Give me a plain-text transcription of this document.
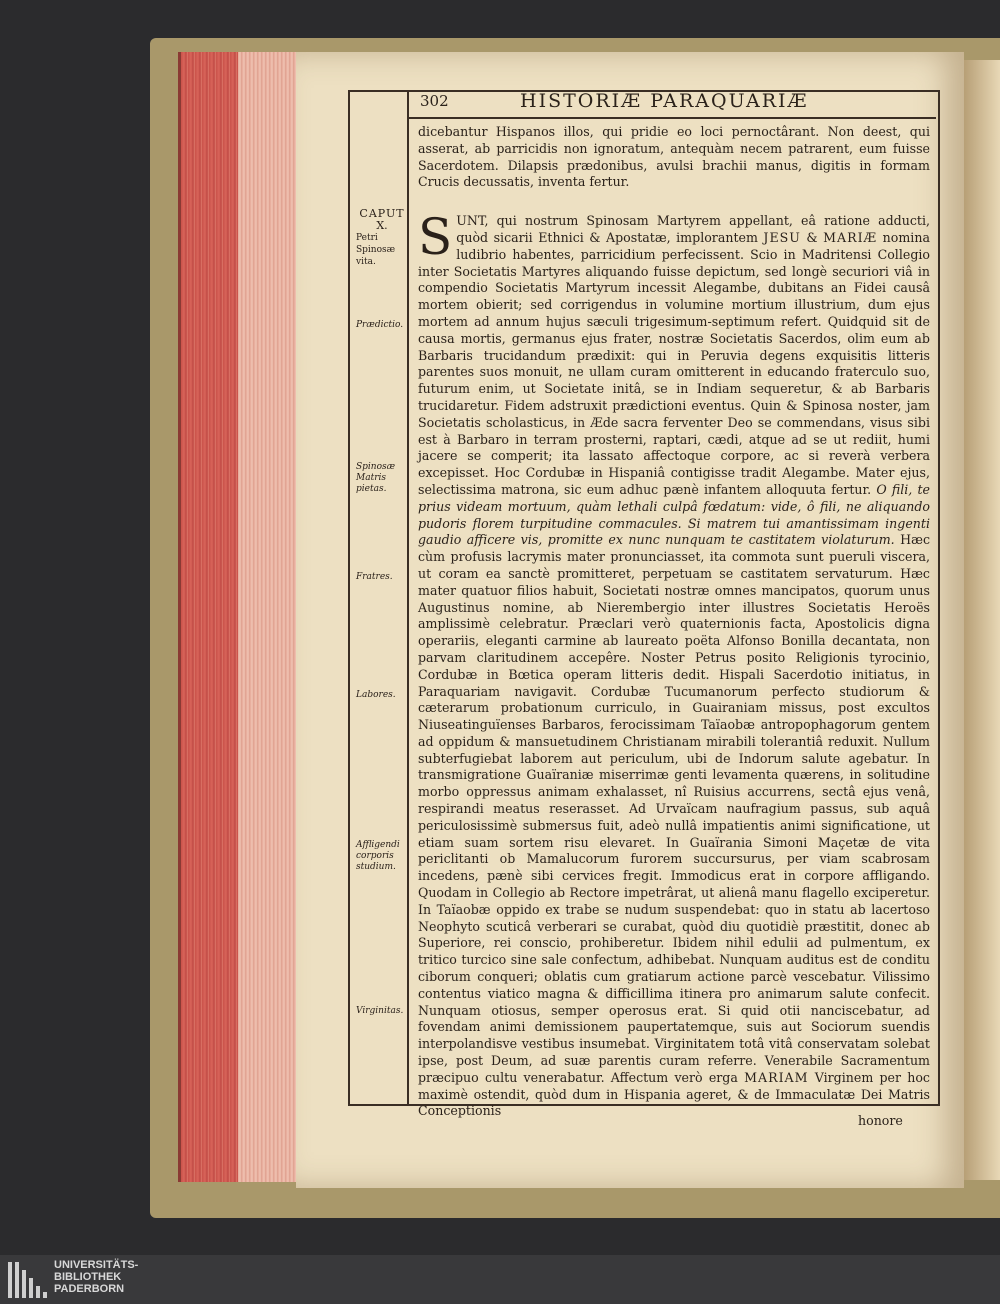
302	HISTORIÆ PARAQUARIÆ
CAPUT
X.
Petri Spinosæ vita.
Prædictio.
Spinosæ Matris pietas.
Fratres.
Labores.
Affligendi corporis studium.
Virginitas.

dicebantur Hispanos illos, qui pridie eo loci pernoctârant. Non deest, qui asserat, ab parricidis non ignoratum, antequàm necem patrarent, eum fuisse Sacerdotem. Dilapsis prædonibus, avulsi brachii manus, digitis in formam Crucis decussatis, inventa fertur.

S UNT, qui nostrum Spinosam Martyrem appellant, eâ ratione adducti, quòd sicarii Ethnici & Apostatæ, implorantem JESU & MARIÆ nomina ludibrio habentes, parricidium perfecissent. Scio in Madritensi Collegio inter Societatis Martyres aliquando fuisse depictum, sed longè securiori viâ in compendio Societatis Martyrum incessit Alegambe, dubitans an Fidei causâ mortem obierit; sed corrigendus in volumine mortium illustrium, dum ejus mortem ad annum hujus sæculi trigesimum-septimum refert. Quidquid sit de causa mortis, germanus ejus frater, nostræ Societatis Sacerdos, olim eum ab Barbaris trucidandum prædixit: qui in Peruvia degens exquisitis litteris parentes suos monuit, ne ullam curam omitterent in educando fraterculo suo, futurum enim, ut Societate initâ, se in Indiam sequeretur, & ab Barbaris trucidaretur. Fidem adstruxit prædictioni eventus. Quin & Spinosa noster, jam Societatis scholasticus, in Æde sacra ferventer Deo se commendans, visus sibi est à Barbaro in terram prosterni, raptari, cædi, atque ad se ut rediit, humi jacere se comperit; ita lassato affectoque corpore, ac si reverà verbera excepisset. Hoc Cordubæ in Hispaniâ contigisse tradit Alegambe. Mater ejus, selectissima matrona, sic eum adhuc pænè infantem alloquuta fertur. O fili, te prius videam mortuum, quàm lethali culpâ fœdatum: vide, ô fili, ne aliquando pudoris florem turpitudine commacules. Si matrem tui amantissimam ingenti gaudio afficere vis, promitte ex nunc nunquam te castitatem violaturum. Hæc cùm profusis lacrymis mater pronunciasset, ita commota sunt pueruli viscera, ut coram ea sanctè promitteret, perpetuam se castitatem servaturum. Hæc mater quatuor filios habuit, Societati nostræ omnes mancipatos, quorum unus Augustinus nomine, ab Nierembergio inter illustres Societatis Heroës amplissimè celebratur. Præclari verò quaternionis facta, Apostolicis digna operariis, eleganti carmine ab laureato poëta Alfonso Bonilla decantata, non parvam claritudinem accepêre. Noster Petrus posito Religionis tyrocinio, Cordubæ in Bœtica operam litteris dedit. Hispali Sacerdotio initiatus, in Paraquariam navigavit. Cordubæ Tucumanorum perfecto studiorum & cæterarum probationum curriculo, in Guairaniam missus, post excultos Niuseatinguïenses Barbaros, ferocissimam Taïaobæ antropophagorum gentem ad oppidum & mansuetudinem Christianam mirabili tolerantiâ reduxit. Nullum subterfugiebat laborem aut periculum, ubi de Indorum salute agebatur. In transmigratione Guaïraniæ miserrimæ genti levamenta quærens, in solitudine morbo oppressus animam exhalasset, nî Ruisius accurrens, sectâ ejus venâ, respirandi meatus reserasset. Ad Urvaïcam naufragium passus, sub aquâ periculosissimè submersus fuit, adeò nullâ impatientis animi significatione, ut etiam suam sortem risu elevaret. In Guaïrania Simoni Maçetæ de vita periclitanti ob Mamalucorum furorem succursurus, per viam scabrosam incedens, pænè sibi cervices fregit. Immodicus erat in corpore affligando. Quodam in Collegio ab Rectore impetrârat, ut alienâ manu flagello exciperetur. In Taïaobæ oppido ex trabe se nudum suspendebat: quo in statu ab lacertoso Neophyto scuticâ verberari se curabat, quòd diu quotidiè præstitit, donec ab Superiore, rei conscio, prohiberetur. Ibidem nihil edulii ad pulmentum, ex tritico turcico sine sale confectum, adhibebat. Nunquam auditus est de conditu ciborum conqueri; oblatis cum gratiarum actione parcè vescebatur. Vilissimo contentus viatico magna & difficillima itinera pro animarum salute confecit. Nunquam otiosus, semper operosus erat. Si quid otii nanciscebatur, ad fovendam animi demissionem paupertatemque, suis aut Sociorum suendis interpolandisve vestibus insumebat. Virginitatem totâ vitâ conservatam solebat ipse, post Deum, ad suæ parentis curam referre. Venerabile Sacramentum præcipuo cultu venerabatur. Affectum verò erga MARIAM Virginem per hoc maximè ostendit, quòd dum in Hispania ageret, & de Immaculatæ Dei Matris Conceptionis

honore
UNIVERSITÄTS-
BIBLIOTHEK
PADERBORN
